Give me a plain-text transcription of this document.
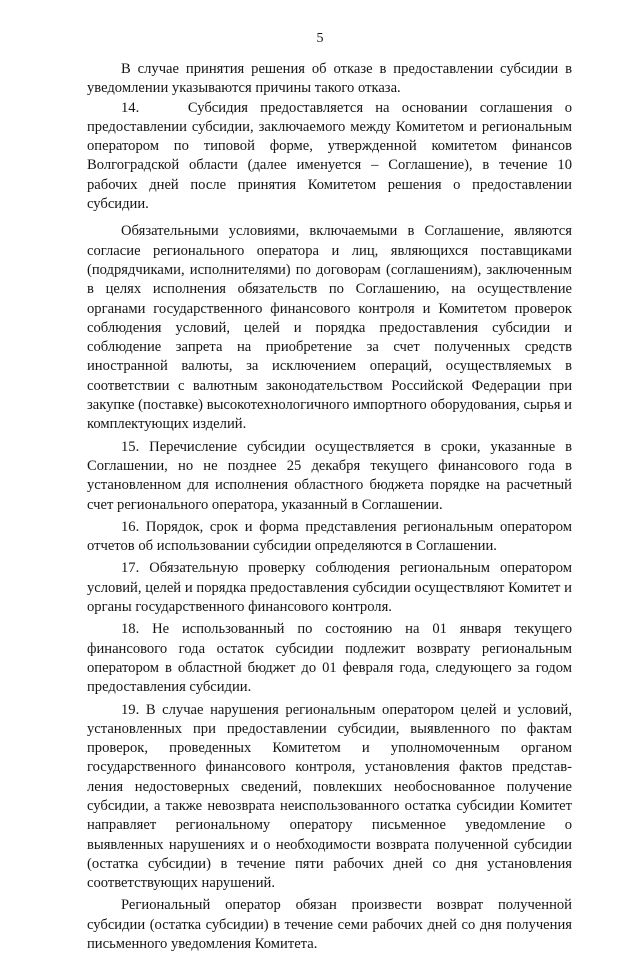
5

В случае принятия решения об отказе в предоставлении субсидии в уведомлении указываются причины такого отказа.

14.    Субсидия предоставляется на основании соглашения о предоставлении субсидии, заключаемого между Комитетом и региональным оператором по типовой форме, утвержденной комитетом финансов Волгоградской области (далее именуется – Соглашение), в течение 10 рабочих дней после принятия Комитетом решения о предоставлении субсидии.

Обязательными условиями, включаемыми в Соглашение, являются согласие регионального оператора и лиц, являющихся поставщиками (подрядчиками, исполнителями) по договорам (соглашениям), заключенным в целях исполнения обязательств по Соглашению, на осуществление органами государственного финансового контроля и Комитетом проверок соблюдения условий, целей и порядка предоставления субсидии и соблюдение запрета на приобретение за счет полученных средств иностранной валюты, за исключением операций, осуществляемых в соответствии с валютным законодательством Российской Федерации при закупке (поставке) высокотехнологичного импортного оборудования, сырья и комплектующих изделий.

15. Перечисление субсидии осуществляется в сроки, указанные в Соглашении, но не позднее 25 декабря текущего финансового года в установленном для исполнения областного бюджета порядке на расчетный счет регионального оператора, указанный в Соглашении.

16. Порядок, срок и форма представления региональным оператором отчетов об использовании субсидии определяются в Соглашении.

17. Обязательную проверку соблюдения региональным оператором условий, целей и порядка предоставления субсидии осуществляют Комитет и органы государственного финансового контроля.

18. Не использованный по состоянию на 01 января текущего финансового года остаток субсидии подлежит возврату региональным оператором в областной бюджет до 01 февраля года, следующего за годом предоставления субсидии.

19. В случае нарушения региональным оператором целей и условий, установленных при предоставлении субсидии, выявленного по фактам проверок, проведенных Комитетом и уполномоченным органом государственного финансового контроля, установления фактов представления недостоверных сведений, повлекших необоснованное получение субсидии, а также невозврата неиспользованного остатка субсидии Комитет направляет региональному оператору письменное уведомление о выявленных нарушениях и о необходимости возврата полученной субсидии (остатка субсидии) в течение пяти рабочих дней со дня установления соответствующих нарушений.

Региональный оператор обязан произвести возврат полученной субсидии (остатка субсидии) в течение семи рабочих дней со дня получения письменного уведомления Комитета.
